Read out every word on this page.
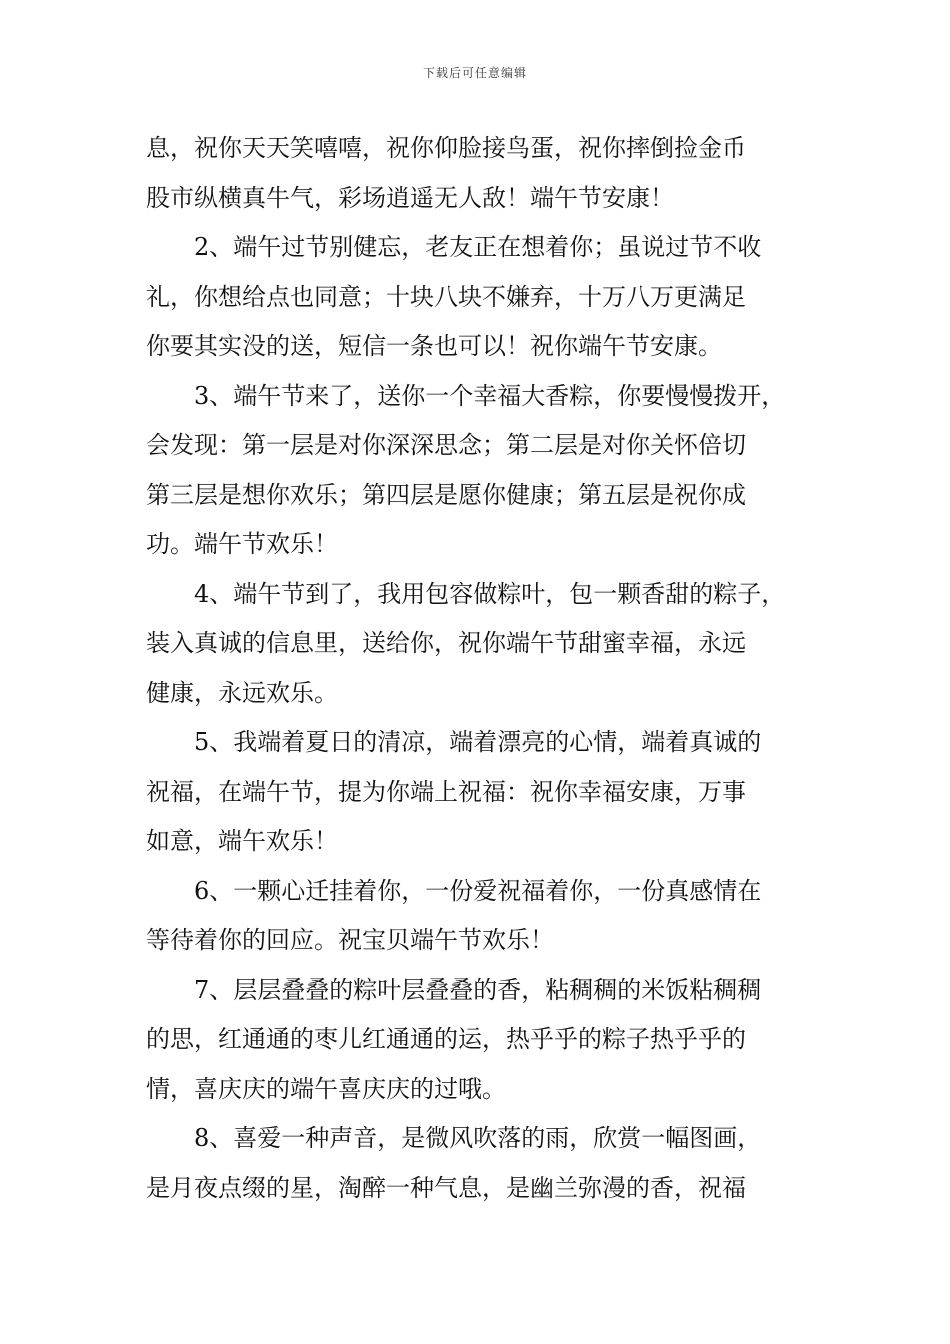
下载后可任意编辑
息，祝你天天笑嘻嘻，祝你仰脸接鸟蛋，祝你摔倒捡金币
股市纵横真牛气，彩场逍遥无人敌！端午节安康！
2、端午过节别健忘，老友正在想着你；虽说过节不收
礼，你想给点也同意；十块八块不嫌弃，十万八万更满足
你要其实没的送，短信一条也可以！祝你端午节安康。
3、端午节来了，送你一个幸福大香粽，你要慢慢拨开，
会发现：第一层是对你深深思念；第二层是对你关怀倍切
第三层是想你欢乐；第四层是愿你健康；第五层是祝你成
功。端午节欢乐！
4、端午节到了，我用包容做粽叶，包一颗香甜的粽子，
装入真诚的信息里，送给你，祝你端午节甜蜜幸福，永远
健康，永远欢乐。
5、我端着夏日的清凉，端着漂亮的心情，端着真诚的
祝福，在端午节，提为你端上祝福：祝你幸福安康，万事
如意，端午欢乐！
6、一颗心迁挂着你，一份爱祝福着你，一份真感情在
等待着你的回应。祝宝贝端午节欢乐！
7、层层叠叠的粽叶层叠叠的香，粘稠稠的米饭粘稠稠
的思，红通通的枣儿红通通的运，热乎乎的粽子热乎乎的
情，喜庆庆的端午喜庆庆的过哦。
8、喜爱一种声音，是微风吹落的雨，欣赏一幅图画，
是月夜点缀的星，淘醉一种气息，是幽兰弥漫的香，祝福
